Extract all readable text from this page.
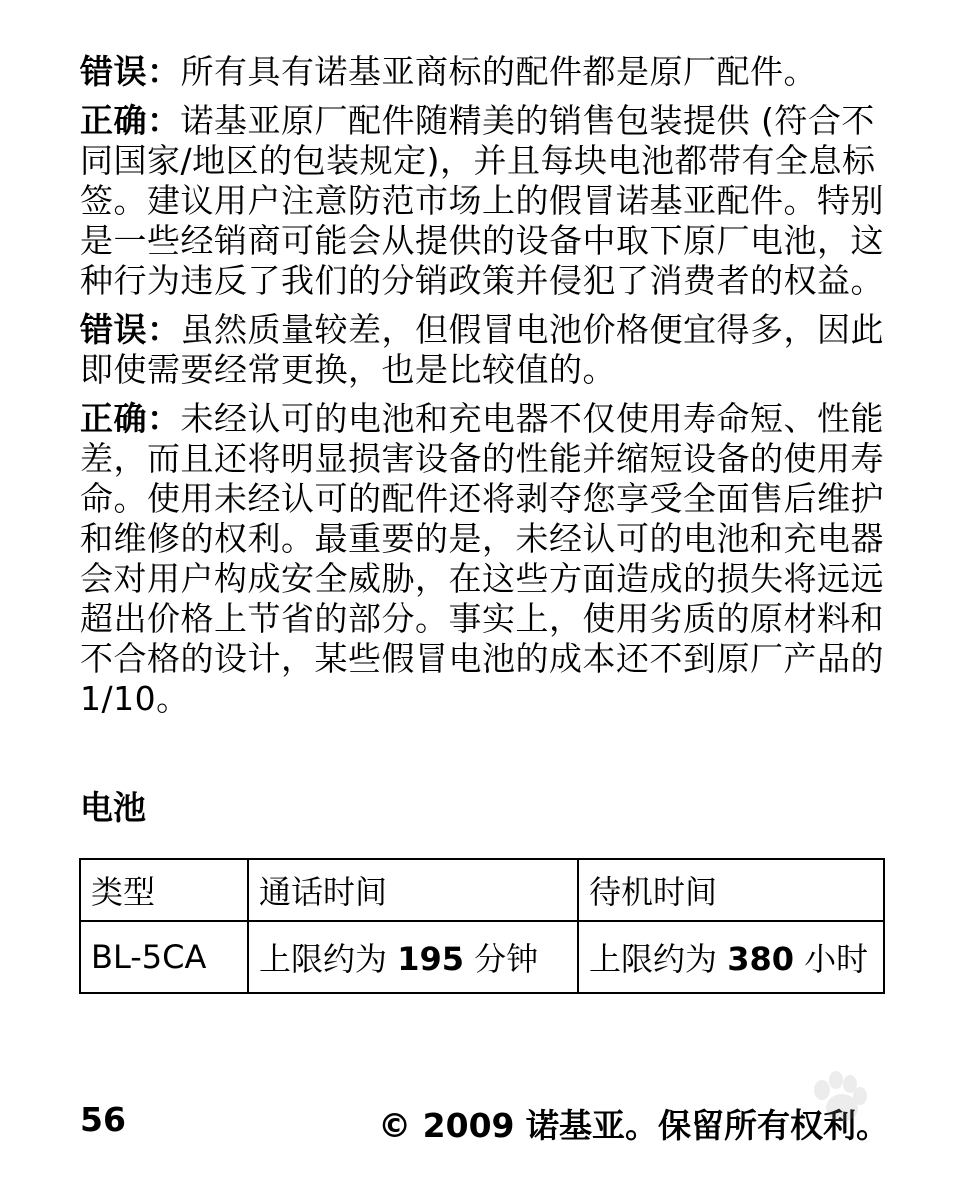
错误：所有具有诺基亚商标的配件都是原厂配件。

正确：诺基亚原厂配件随精美的销售包装提供 (符合不同国家/地区的包装规定)，并且每块电池都带有全息标签。建议用户注意防范市场上的假冒诺基亚配件。特别是一些经销商可能会从提供的设备中取下原厂电池，这种行为违反了我们的分销政策并侵犯了消费者的权益。

错误：虽然质量较差，但假冒电池价格便宜得多，因此即使需要经常更换，也是比较值的。

正确：未经认可的电池和充电器不仅使用寿命短、性能差，而且还将明显损害设备的性能并缩短设备的使用寿命。使用未经认可的配件还将剥夺您享受全面售后维护和维修的权利。最重要的是，未经认可的电池和充电器会对用户构成安全威胁，在这些方面造成的损失将远远超出价格上节省的部分。事实上，使用劣质的原材料和不合格的设计，某些假冒电池的成本还不到原厂产品的 1/10。

电池
类型	通话时间	待机时间
BL-5CA	上限约为 195 分钟	上限约为 380 小时
56	© 2009 诺基亚。保留所有权利。
